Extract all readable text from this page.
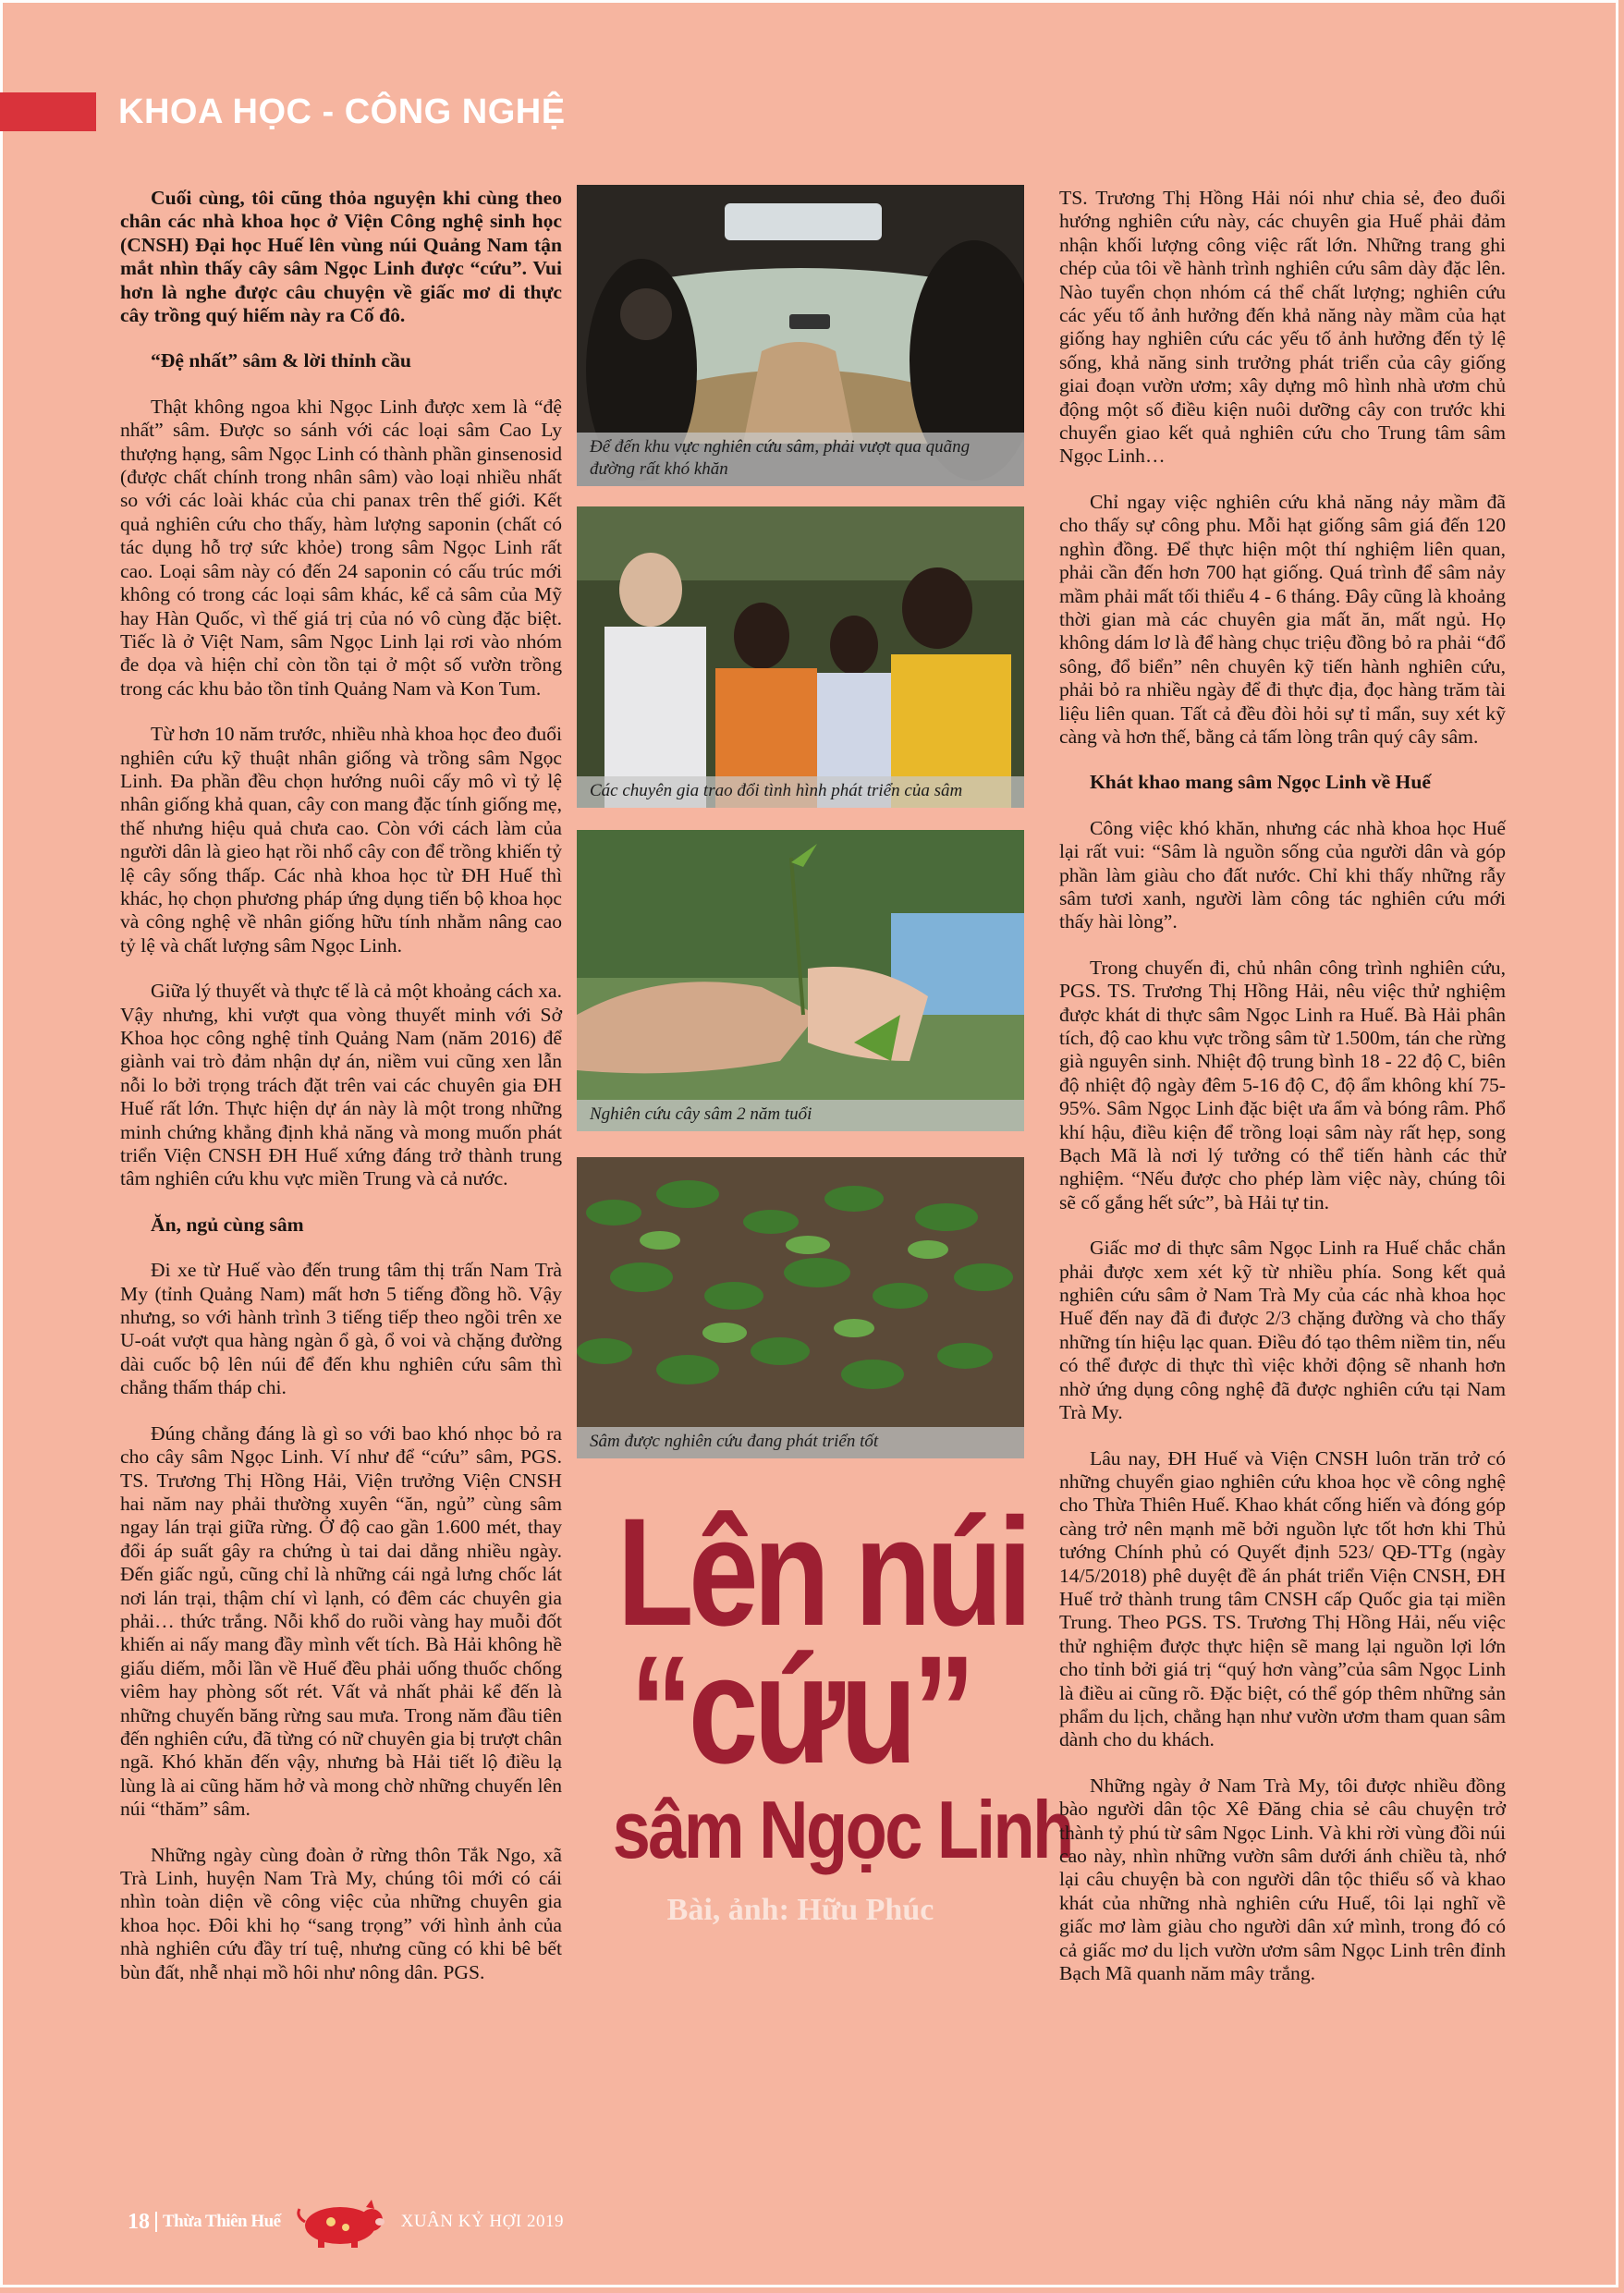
KHOA HỌC - CÔNG NGHỆ

Cuối cùng, tôi cũng thỏa nguyện khi cùng theo chân các nhà khoa học ở Viện Công nghệ sinh học (CNSH) Đại học Huế lên vùng núi Quảng Nam tận mắt nhìn thấy cây sâm Ngọc Linh được “cứu”. Vui hơn là nghe được câu chuyện về giấc mơ di thực cây trồng quý hiếm này ra Cố đô.

“Đệ nhất” sâm & lời thỉnh cầu

Thật không ngoa khi Ngọc Linh được xem là “đệ nhất” sâm. Được so sánh với các loại sâm Cao Ly thượng hạng, sâm Ngọc Linh có thành phần ginsenosid (được chất chính trong nhân sâm) vào loại nhiều nhất so với các loài khác của chi panax trên thế giới. Kết quả nghiên cứu cho thấy, hàm lượng saponin (chất có tác dụng hỗ trợ sức khỏe) trong sâm Ngọc Linh rất cao. Loại sâm này có đến 24 saponin có cấu trúc mới không có trong các loại sâm khác, kể cả sâm của Mỹ hay Hàn Quốc, vì thế giá trị của nó vô cùng đặc biệt. Tiếc là ở Việt Nam, sâm Ngọc Linh lại rơi vào nhóm đe dọa và hiện chỉ còn tồn tại ở một số vườn trồng trong các khu bảo tồn tỉnh Quảng Nam và Kon Tum.

Từ hơn 10 năm trước, nhiều nhà khoa học đeo đuổi nghiên cứu kỹ thuật nhân giống và trồng sâm Ngọc Linh. Đa phần đều chọn hướng nuôi cấy mô vì tỷ lệ nhân giống khả quan, cây con mang đặc tính giống mẹ, thế nhưng hiệu quả chưa cao. Còn với cách làm của người dân là gieo hạt rồi nhổ cây con để trồng khiến tỷ lệ cây sống thấp. Các nhà khoa học từ ĐH Huế thì khác, họ chọn phương pháp ứng dụng tiến bộ khoa học và công nghệ về nhân giống hữu tính nhằm nâng cao tỷ lệ và chất lượng sâm Ngọc Linh.

Giữa lý thuyết và thực tế là cả một khoảng cách xa. Vậy nhưng, khi vượt qua vòng thuyết minh với Sở Khoa học công nghệ tỉnh Quảng Nam (năm 2016) để giành vai trò đảm nhận dự án, niềm vui cũng xen lẫn nỗi lo bởi trọng trách đặt trên vai các chuyên gia ĐH Huế rất lớn. Thực hiện dự án này là một trong những minh chứng khẳng định khả năng và mong muốn phát triển Viện CNSH ĐH Huế xứng đáng trở thành trung tâm nghiên cứu khu vực miền Trung và cả nước.

Ăn, ngủ cùng sâm

Đi xe từ Huế vào đến trung tâm thị trấn Nam Trà My (tỉnh Quảng Nam) mất hơn 5 tiếng đồng hồ. Vậy nhưng, so với hành trình 3 tiếng tiếp theo ngồi trên xe U-oát vượt qua hàng ngàn ổ gà, ổ voi và chặng đường dài cuốc bộ lên núi để đến khu nghiên cứu sâm thì chẳng thấm tháp chi.

Đúng chẳng đáng là gì so với bao khó nhọc bỏ ra cho cây sâm Ngọc Linh. Ví như để “cứu” sâm, PGS. TS. Trương Thị Hồng Hải, Viện trưởng Viện CNSH hai năm nay phải thường xuyên “ăn, ngủ” cùng sâm ngay lán trại giữa rừng. Ở độ cao gần 1.600 mét, thay đổi áp suất gây ra chứng ù tai dai dẳng nhiều ngày. Đến giấc ngủ, cũng chỉ là những cái ngả lưng chốc lát nơi lán trại, thậm chí vì lạnh, có đêm các chuyên gia phải… thức trắng. Nỗi khổ do ruồi vàng hay muỗi đốt khiến ai nấy mang đầy mình vết tích. Bà Hải không hề giấu diếm, mỗi lần về Huế đều phải uống thuốc chống viêm hay phòng sốt rét. Vất vả nhất phải kể đến là những chuyến băng rừng sau mưa. Trong năm đầu tiên đến nghiên cứu, đã từng có nữ chuyên gia bị trượt chân ngã. Khó khăn đến vậy, nhưng bà Hải tiết lộ điều lạ lùng là ai cũng hăm hở và mong chờ những chuyến lên núi “thăm” sâm.

Những ngày cùng đoàn ở rừng thôn Tắk Ngo, xã Trà Linh, huyện Nam Trà My, chúng tôi mới có cái nhìn toàn diện về công việc của những chuyên gia khoa học. Đôi khi họ “sang trọng” với hình ảnh của nhà nghiên cứu đầy trí tuệ, nhưng cũng có khi bê bết bùn đất, nhễ nhại mồ hôi như nông dân. PGS.

Để đến khu vực nghiên cứu sâm, phải vượt qua quãng đường rất khó khăn
Các chuyên gia trao đổi tình hình phát triển của sâm
Nghiên cứu cây sâm 2 năm tuổi
Sâm được nghiên cứu đang phát triển tốt
Lên núi
“cứu”
sâm Ngọc Linh
Bài, ảnh: Hữu Phúc

TS. Trương Thị Hồng Hải nói như chia sẻ, đeo đuổi hướng nghiên cứu này, các chuyên gia Huế phải đảm nhận khối lượng công việc rất lớn. Những trang ghi chép của tôi về hành trình nghiên cứu sâm dày đặc lên. Nào tuyển chọn nhóm cá thể chất lượng; nghiên cứu các yếu tố ảnh hưởng đến khả năng này mầm của hạt giống hay nghiên cứu các yếu tố ảnh hưởng đến tỷ lệ sống, khả năng sinh trưởng phát triển của cây giống giai đoạn vườn ươm; xây dựng mô hình nhà ươm chủ động một số điều kiện nuôi dưỡng cây con trước khi chuyển giao kết quả nghiên cứu cho Trung tâm sâm Ngọc Linh…

Chỉ ngay việc nghiên cứu khả năng nảy mầm đã cho thấy sự công phu. Mỗi hạt giống sâm giá đến 120 nghìn đồng. Để thực hiện một thí nghiệm liên quan, phải cần đến hơn 700 hạt giống. Quá trình để sâm nảy mầm phải mất tối thiểu 4 - 6 tháng. Đây cũng là khoảng thời gian mà các chuyên gia mất ăn, mất ngủ. Họ không dám lơ là để hàng chục triệu đồng bỏ ra phải “đổ sông, đổ biển” nên chuyên kỹ tiến hành nghiên cứu, phải bỏ ra nhiều ngày để đi thực địa, đọc hàng trăm tài liệu liên quan. Tất cả đều đòi hỏi sự tỉ mẩn, suy xét kỹ càng và hơn thế, bằng cả tấm lòng trân quý cây sâm.

Khát khao mang sâm Ngọc Linh về Huế

Công việc khó khăn, nhưng các nhà khoa học Huế lại rất vui: “Sâm là nguồn sống của người dân và góp phần làm giàu cho đất nước. Chỉ khi thấy những rẫy sâm tươi xanh, người làm công tác nghiên cứu mới thấy hài lòng”.

Trong chuyến đi, chủ nhân công trình nghiên cứu, PGS. TS. Trương Thị Hồng Hải, nêu việc thử nghiệm được khát di thực sâm Ngọc Linh ra Huế. Bà Hải phân tích, độ cao khu vực trồng sâm từ 1.500m, tán che rừng già nguyên sinh. Nhiệt độ trung bình 18 - 22 độ C, biên độ nhiệt độ ngày đêm 5-16 độ C, độ ẩm không khí 75-95%. Sâm Ngọc Linh đặc biệt ưa ẩm và bóng râm. Phổ khí hậu, điều kiện để trồng loại sâm này rất hẹp, song Bạch Mã là nơi lý tưởng có thể tiến hành các thử nghiệm. “Nếu được cho phép làm việc này, chúng tôi sẽ cố gắng hết sức”, bà Hải tự tin.

Giấc mơ di thực sâm Ngọc Linh ra Huế chắc chắn phải được xem xét kỹ từ nhiều phía. Song kết quả nghiên cứu sâm ở Nam Trà My của các nhà khoa học Huế đến nay đã đi được 2/3 chặng đường và cho thấy những tín hiệu lạc quan. Điều đó tạo thêm niềm tin, nếu có thể được di thực thì việc khởi động sẽ nhanh hơn nhờ ứng dụng công nghệ đã được nghiên cứu tại Nam Trà My.

Lâu nay, ĐH Huế và Viện CNSH luôn trăn trở có những chuyển giao nghiên cứu khoa học về công nghệ cho Thừa Thiên Huế. Khao khát cống hiến và đóng góp càng trở nên mạnh mẽ bởi nguồn lực tốt hơn khi Thủ tướng Chính phủ có Quyết định 523/ QĐ-TTg (ngày 14/5/2018) phê duyệt đề án phát triển Viện CNSH, ĐH Huế trở thành trung tâm CNSH cấp Quốc gia tại miền Trung. Theo PGS. TS. Trương Thị Hồng Hải, nếu việc thử nghiệm được thực hiện sẽ mang lại nguồn lợi lớn cho tỉnh bởi giá trị “quý hơn vàng”của sâm Ngọc Linh là điều ai cũng rõ. Đặc biệt, có thể góp thêm những sản phẩm du lịch, chẳng hạn như vườn ươm tham quan sâm dành cho du khách.

Những ngày ở Nam Trà My, tôi được nhiều đồng bào người dân tộc Xê Đăng chia sẻ câu chuyện trở thành tỷ phú từ sâm Ngọc Linh. Và khi rời vùng đồi núi cao này, nhìn những vườn sâm dưới ánh chiều tà, nhớ lại câu chuyện bà con người dân tộc thiểu số và khao khát của những nhà nghiên cứu Huế, tôi lại nghĩ về giấc mơ làm giàu cho người dân xứ mình, trong đó có cả giấc mơ du lịch vườn ươm sâm Ngọc Linh trên đỉnh Bạch Mã quanh năm mây trắng.

18 Thừa Thiên Huế	XUÂN KỶ HỢI 2019
